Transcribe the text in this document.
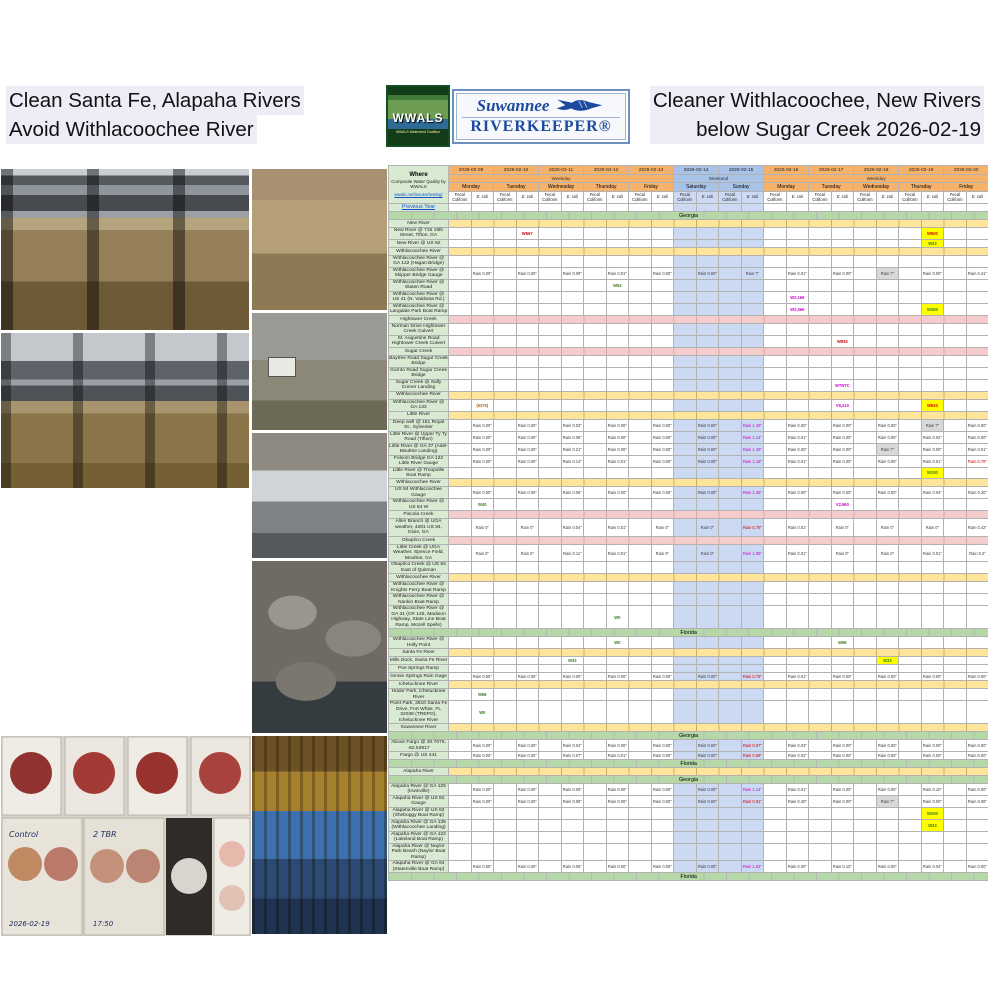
Clean Santa Fe, Alapaha Rivers
Avoid Withlacoochee River
Cleaner Withlacoochee, New Rivers
below Sugar Creek 2026-02-19
WWALS
WWALS Watershed Coalition
Suwannee
RIVERKEEPER®
Control
2026-02-19
2 TBR
17:50
Where
Composite Water Quality by WWALS
wwals.net/issues/testing/	2026-02-09		2026-02-10		2026-02-11		2026-02-12		2026-02-13		2026-02-14		2026-02-15		2026-02-16		2026-02-17		2026-02-18		2026-02-19		2026-02-20	
	Weekday										Weekend				Weekday									
	Monday		Tuesday		Wednesday		Thursday		Friday		Saturday		Sunday		Monday		Tuesday		Wednesday		Thursday		Friday	
	Fecal Coliform	E. coli	Fecal Coliform	E. coli	Fecal Coliform	E. coli	Fecal Coliform	E. coli	Fecal Coliform	E. coli	Fecal Coliform	E. coli	Fecal Coliform	E. coli	Fecal Coliform	E. coli	Fecal Coliform	E. coli	Fecal Coliform	E. coli	Fecal Coliform	E. coli	Fecal Coliform	E. coli
Previous Year																								
Georgia																								
New River																								
New River @ 715 19th Street, Tifton, GA				W567																		W500		
New River @ US 82																						W33		
Withlacoochee River																								
Withlacoochee River @ GA 122 (Hagan Bridge)																								
Withlacoochee River @ Skipper Bridge Gauge		Rain 0.00"		Rain 0.00"		Rain 0.09"		Rain 0.01"		Rain 0.00"		Rain 0.00"		Rain ?"		Rain 0.01"		Rain 0.00"		Rain ?"		Rain 0.00"		Rain 0.41"
Withlacoochee River @ Staten Road								W53																
Withlacoochee River @ US 41 (N. Valdosta Rd.)																W2,166								
Withlacoochee River @ Langdale Park Boat Ramp																W2,066						W300		
Hightower Creek																								
Norman Drive Hightower Creek Culvert																								
St. Augustine Road Hightower Creek Culvert																		W933						
Sugar Creek																								
Baytree Road Sugar Creek Bridge																								
Gornto Road Sugar Creek Bridge																								
Sugar Creek @ Sally Comer Landing																		WTNTC						
Withlacoochee River																								
Withlacoochee River @ GA 133		(6375)																V9,210				W633		
Little River																								
Deep well @ 161 Royal St., Sylvester		Rain 0.00"		Rain 0.00"		Rain 0.03"		Rain 0.00"		Rain 0.00"		Rain 0.00"		Rain 1.29"		Rain 0.00"		Rain 0.00"		Rain 0.00"		Rain ?"		Rain 0.00"
Little River @ Upper Ty Ty Road (Tifton)		Rain 0.00"		Rain 0.00"		Rain 0.05"		Rain 0.00"		Rain 0.00"		Rain 0.00"		Rain 1.14"		Rain 0.01"		Rain 0.00"		Rain 0.00"		Rain 0.02"		Rain 0.00"
Little River @ GA 37 (Adel-Moultrie Landing)		Rain 0.00"		Rain 0.00"		Rain 0.21"		Rain 0.00"		Rain 0.00"		Rain 0.00"		Rain 1.49"		Rain 0.00"		Rain 0.00"		Rain ?"		Rain 0.00"		Rain 0.01"
Folsom Bridge GA 122 Little River Gauge		Rain 0.00"		Rain 0.00"		Rain 0.14"		Rain 0.01"		Rain 0.00"		Rain 0.00"		Rain 1.18"		Rain 0.01"		Rain 0.00"		Rain 0.00"		Rain 0.01"		Rain 0.78"
Little River @ Troupville Boat Ramp																						W100		
Withlacoochee River																								
US 84 Withlacoochee Gauge		Rain 0.00"		Rain 0.00"		Rain 0.06"		Rain 0.00"		Rain 0.00"		Rain 0.00"		Rain 1.38"		Rain 0.00"		Rain 0.00"		Rain 0.00"		Rain 0.04"		Rain 0.20"
Withlacoochee River @ US 84 W		W40																V2,960						
Piscola Creek																								
Allen Branch @ UGA weather, 4281 US 84, Dixie, GA		Rain 0"		Rain 0"		Rain 0.04"		Rain 0.01"		Rain 0"		Rain 0"		Rain 0.78"		Rain 0.01"		Rain 0"		Rain 0"		Rain 0"		Rain 0.42"
Okapilco Creek																								
Little Creek @ UGA Weather, Spence Field, Moultrie, GA		Rain 0"		Rain 0"		Rain 0.11"		Rain 0.01"		Rain 0"		Rain 0"		Rain 1.85"		Rain 0.01"		Rain 0"		Rain 0"		Rain 0.01"		Rain 0.2"
Okapilco Creek @ US 84 East of Quitman																								
Withlacoochee River																								
Withlacoochee River @ Knights Ferry Boat Ramp																								
Withlacoochee River @ Nankin Boat Ramp																								
Withlacoochee River @ GA 31 (CR 145, Madison Highway, State Line Boat Ramp, Mozell Spells)								W0																
Florida																								
Withlacoochee River @ Holly Point								W0										W66						
Santa Fe River																								
Mills Dock, Santa Fe River						W33														W33				
Poe Springs Ramp																								
Ginnie Springs Rain Gage		Rain 0.00"		Rain 0.00"		Rain 0.00"		Rain 0.00"		Rain 0.00"		Rain 0.00"		Rain 0.75"		Rain 0.01"		Rain 0.00"		Rain 0.00"		Rain 0.00"		Rain 0.00"
Ichetucknee River																								
Hodor Park, Ichetucknee River		W66																						
Point Park, 2810 Santa Fe Drive, Fort White, FL 32038 (TREPO), Ichetucknee River		W0																						
Suwannee River																								
Georgia																								
Above Fargo @ 30.7075, -82.53917		Rain 0.00"		Rain 0.00"		Rain 0.04"		Rain 0.00"		Rain 0.00"		Rain 0.00"		Rain 0.67"		Rain 0.03"		Rain 0.00"		Rain 0.00"		Rain 0.00"		Rain 0.00"
Fargo @ US 441		Rain 0.00"		Rain 0.00"		Rain 0.07"		Rain 0.01"		Rain 0.00"		Rain 0.00"		Rain 0.69"		Rain 0.02"		Rain 0.00"		Rain 0.00"		Rain 0.00"		Rain 0.00"
Florida																								
Alapaha River																								
Georgia																								
Alapaha River @ GA 125 (Irwinville)		Rain 0.00"		Rain 0.00"		Rain 0.00"		Rain 0.00"		Rain 0.00"		Rain 0.00"		Rain 1.14"		Rain 0.01"		Rain 0.00"		Rain 0.00"		Rain 0.10"		Rain 0.00"
Alapaha River @ US 82 Gauge		Rain 0.00"		Rain 0.00"		Rain 0.08"		Rain 0.00"		Rain 0.00"		Rain 0.00"		Rain 0.81"		Rain 0.30"		Rain 0.00"		Rain ?"		Rain 0.00"		Rain 0.08"
Alapaha River @ US 82 (Sheboggy Boat Ramp)																						W100		
Alapaha River @ GA 135 (Withlacoochee Landing)																						W33		
Alapaha River @ GA 122 (Lakeland Boat Ramp)																								
Alapaha River @ Naylor Park Beach (Naylor Boat Ramp)																								
Alapaha River @ GA 94 (Statenville Boat Ramp)		Rain 0.00"		Rain 0.00"		Rain 0.06"		Rain 0.00"		Rain 0.00"		Rain 0.00"		Rain 1.62"		Rain 0.00"		Rain 0.10"		Rain 0.00"		Rain 0.04"		Rain 0.00"
Florida																								
